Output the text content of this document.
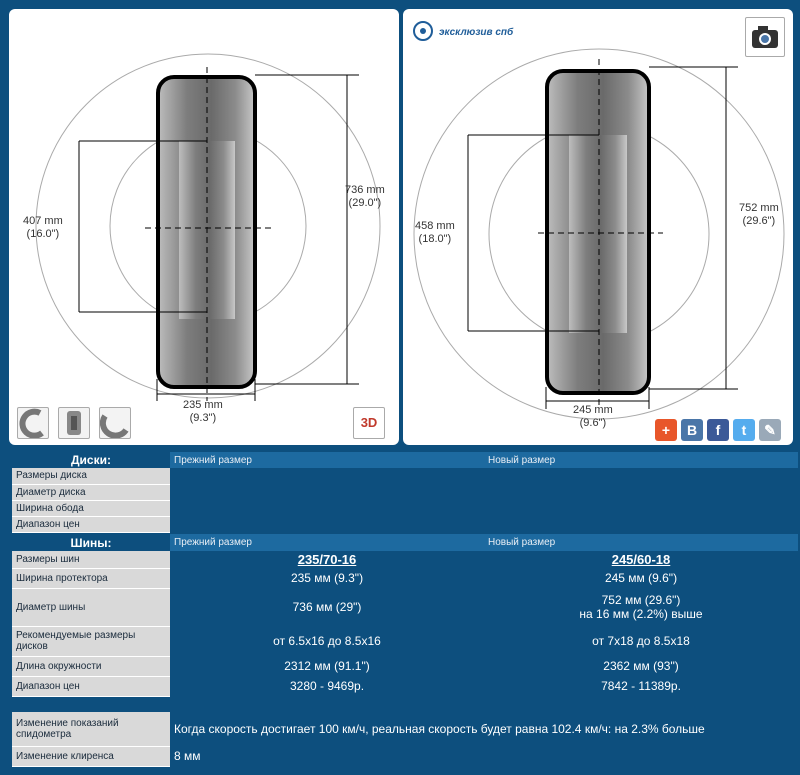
407 mm
(16.0")
736 mm
(29.0")
235 mm
(9.3")	3D
эксклюзив спб
458 mm
(18.0")
752 mm
(29.6")
245 mm
(9.6")	+	B	f	t	✎
Диски:	Прежний размер	Новый размер
Размеры диска		
Диаметр диска		
Ширина обода		
Диапазон цен		
Шины:	Прежний размер	Новый размер
Размеры шин	235/70-16	245/60-18
Ширина протектора	235 мм (9.3")	245 мм (9.6")
Диаметр шины	736 мм (29")	752 мм (29.6")
на 16 мм (2.2%) выше

Рекомендуемые размеры дисков	от 6.5x16 до 8.5x16	от 7x18 до 8.5x18
Длина окружности	2312 мм (91.1")	2362 мм (93")
Диапазон цен	3280 - 9469р.	7842 - 11389р.
Изменение показаний спидометра	Когда скорость достигает 100 км/ч, реальная скорость будет равна 102.4 км/ч: на 2.3% больше
Изменение клиренса	8 мм
